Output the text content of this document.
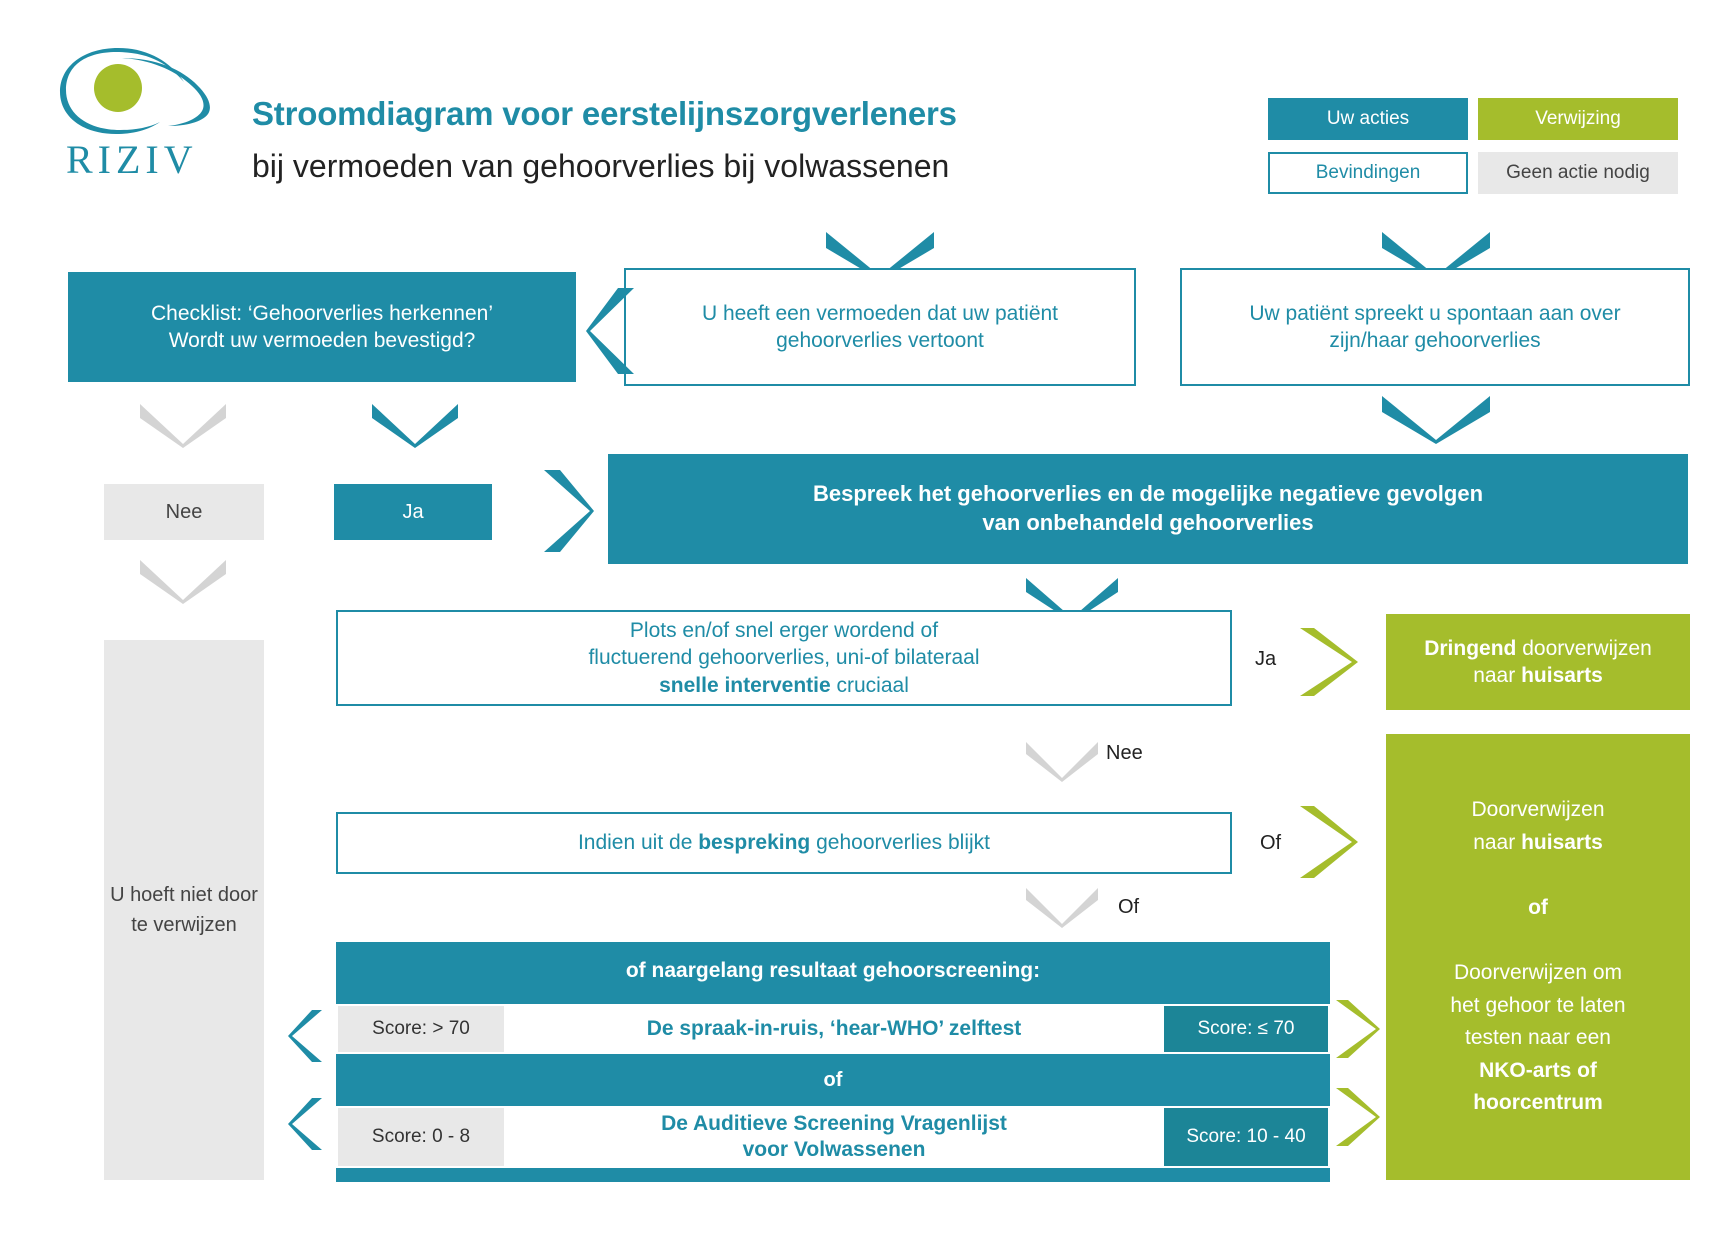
RIZIV
Stroomdiagram voor eerstelijnszorgverleners
bij vermoeden van gehoorverlies bij volwassenen
Uw acties	Verwijzing
Bevindingen	Geen actie nodig
Checklist: ‘Gehoorverlies herkennen’
Wordt uw vermoeden bevestigd?
U heeft een vermoeden dat uw patiënt
gehoorverlies vertoont
Uw patiënt spreekt u spontaan aan over
zijn/haar gehoorverlies
Nee	Ja
Bespreek het gehoorverlies en de mogelijke negatieve gevolgen
van onbehandeld gehoorverlies
U hoeft niet door te verwijzen
Plots en/of snel erger wordend of
fluctuerend gehoorverlies, uni-of bilateraal
snelle interventie cruciaal
Ja	Dringend doorverwijzen
naar huisarts
Nee
Indien uit de bespreking gehoorverlies blijkt	Of
Of
of naargelang resultaat gehoorscreening:
Score: > 70	De spraak-in-ruis, ‘hear-WHO’ zelftest	Score: ≤ 70
of
Score: 0 - 8
De Auditieve Screening Vragenlijst
voor Volwassenen
Score: 10 - 40
Doorverwijzen
naar huisarts

of

Doorverwijzen om
het gehoor te laten
testen naar een
NKO-arts of
hoorcentrum
